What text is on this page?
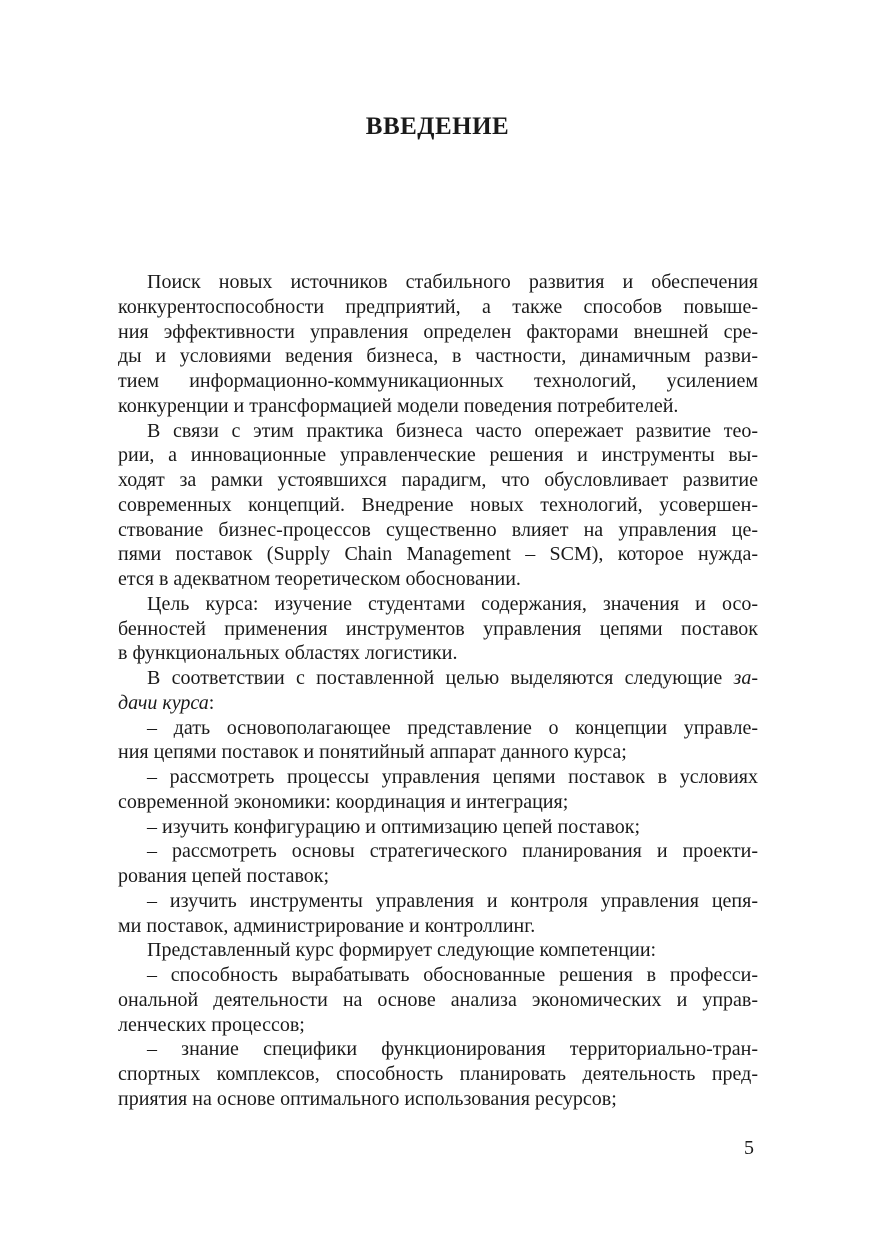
ВВЕДЕНИЕ
Поиск новых источников стабильного развития и обеспечения
конкурентоспособности предприятий, а также способов повыше-
ния эффективности управления определен факторами внешней сре-
ды и условиями ведения бизнеса, в частности, динамичным разви-
тием информационно-коммуникационных технологий, усилением
конкуренции и трансформацией модели поведения потребителей.
В связи с этим практика бизнеса часто опережает развитие тео-
рии, а инновационные управленческие решения и инструменты вы-
ходят за рамки устоявшихся парадигм, что обусловливает развитие
современных концепций. Внедрение новых технологий, усовершен-
ствование бизнес-процессов существенно влияет на управления це-
пями поставок (Supply Chain Management – SCM), которое нужда-
ется в адекватном теоретическом обосновании.
Цель курса: изучение студентами содержания, значения и осо-
бенностей применения инструментов управления цепями поставок
в функциональных областях логистики.
В соответствии с поставленной целью выделяются следующие за-
дачи курса:
– дать основополагающее представление о концепции управле-
ния цепями поставок и понятийный аппарат данного курса;
– рассмотреть процессы управления цепями поставок в условиях
современной экономики: координация и интеграция;
– изучить конфигурацию и оптимизацию цепей поставок;
– рассмотреть основы стратегического планирования и проекти-
рования цепей поставок;
– изучить инструменты управления и контроля управления цепя-
ми поставок, администрирование и контроллинг.
Представленный курс формирует следующие компетенции:
– способность вырабатывать обоснованные решения в професси-
ональной деятельности на основе анализа экономических и управ-
ленческих процессов;
– знание специфики функционирования территориально-тран-
спортных комплексов, способность планировать деятельность пред-
приятия на основе оптимального использования ресурсов;
5
